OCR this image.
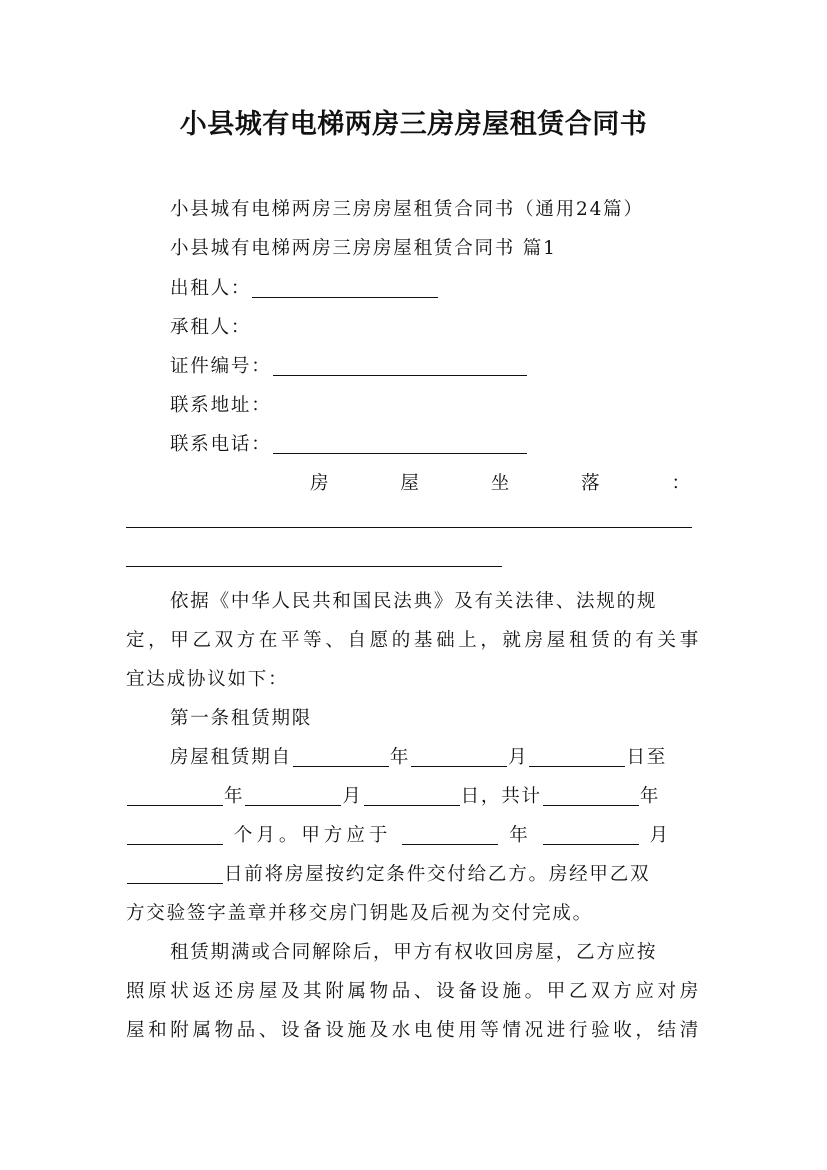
小县城有电梯两房三房房屋租赁合同书
小县城有电梯两房三房房屋租赁合同书（通用24篇）
小县城有电梯两房三房房屋租赁合同书 篇1
出租人：
承租人：
证件编号：
联系地址：
联系电话：
房	屋	坐	落	：
依据《中华人民共和国民法典》及有关法律、法规的规
定，甲乙双方在平等、自愿的基础上，就房屋租赁的有关事
宜达成协议如下：
第一条租赁期限
房屋租赁期自	年	月	日至
年	月	日，共计	年
个月。甲方应于	年	月
日前将房屋按约定条件交付给乙方。房经甲乙双
方交验签字盖章并移交房门钥匙及后视为交付完成。
租赁期满或合同解除后，甲方有权收回房屋，乙方应按
照原状返还房屋及其附属物品、设备设施。甲乙双方应对房
屋和附属物品、设备设施及水电使用等情况进行验收，结清
